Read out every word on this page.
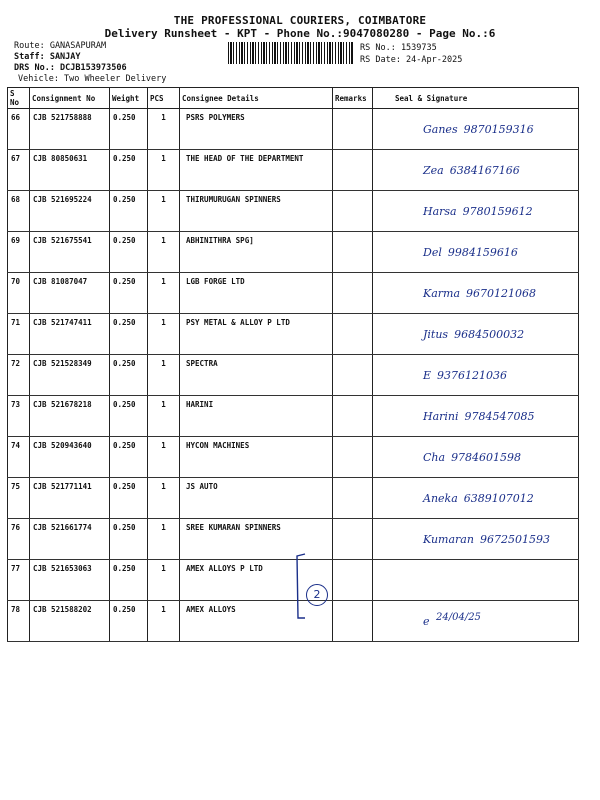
THE PROFESSIONAL COURIERS, COIMBATORE
Delivery Runsheet - KPT - Phone No.:9047080280 - Page No.:6
Route: GANASAPURAM
Staff: SANJAY
DRS No.: DCJB153973506
Vehicle: Two Wheeler Delivery
RS No.: 1539735
RS Date: 24-Apr-2025
S No	Consignment No	Weight	PCS	Consignee Details	Remarks	Seal & Signature
66	CJB 521758888	0.250	1	PSRS POLYMERS		Ganes 9870159316

67	CJB 80850631	0.250	1	THE HEAD OF THE DEPARTMENT		Zea 6384167166

68	CJB 521695224	0.250	1	THIRUMURUGAN SPINNERS		Harsa 9780159612

69	CJB 521675541	0.250	1	ABHINITHRA SPG]		Del 9984159616

70	CJB 81087047	0.250	1	LGB FORGE LTD		Karma 9670121068

71	CJB 521747411	0.250	1	PSY METAL & ALLOY P LTD		Jitus 9684500032

72	CJB 521528349	0.250	1	SPECTRA		E 9376121036

73	CJB 521678218	0.250	1	HARINI		Harini 9784547085

74	CJB 520943640	0.250	1	HYCON MACHINES		Cha 9784601598

75	CJB 521771141	0.250	1	JS AUTO		Aneka 6389107012

76	CJB 521661774	0.250	1	SREE KUMARAN SPINNERS		Kumaran 9672501593

77	CJB 521653063	0.250	1	AMEX ALLOYS P LTD		

78	CJB 521588202	0.250	1	AMEX ALLOYS		e
2
24/04/25
